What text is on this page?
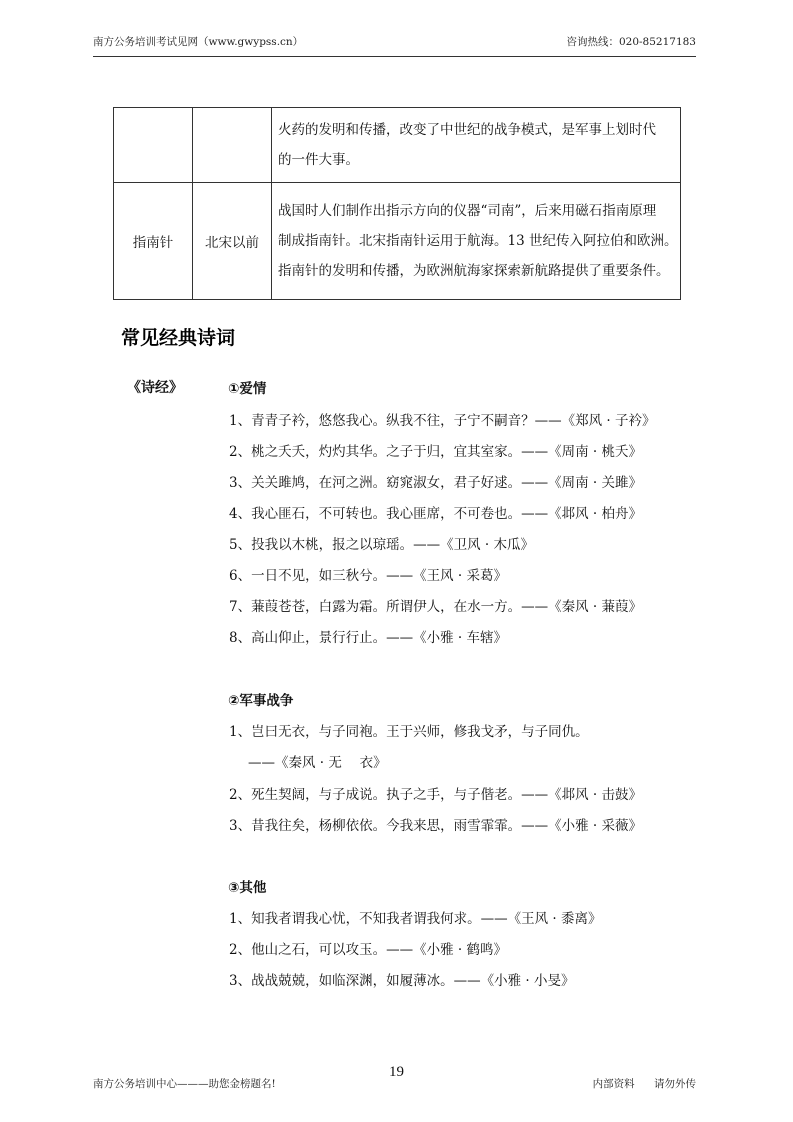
南方公务培训考试见网（www.gwypss.cn）	咨询热线：020-85217183

		火药的发明和传播，改变了中世纪的战争模式，是军事上划时代
的一件大事。

指南针	北宋以前	战国时人们制作出指示方向的仪器“司南”，后来用磁石指南原理
制成指南针。北宋指南针运用于航海。13 世纪传入阿拉伯和欧洲。
指南针的发明和传播，为欧洲航海家探索新航路提供了重要条件。
常见经典诗词
《诗经》	①爱情
1、青青子衿，悠悠我心。纵我不往，子宁不嗣音？——《郑风 · 子衿》
2、桃之夭夭，灼灼其华。之子于归，宜其室家。——《周南 · 桃夭》
3、关关雎鸠，在河之洲。窈窕淑女，君子好逑。——《周南 · 关雎》
4、我心匪石，不可转也。我心匪席，不可卷也。——《邶风 · 柏舟》
5、投我以木桃，报之以琼瑶。——《卫风 · 木瓜》
6、一日不见，如三秋兮。——《王风 · 采葛》
7、蒹葭苍苍，白露为霜。所谓伊人，在水一方。——《秦风 · 蒹葭》
8、高山仰止，景行行止。——《小雅 · 车辖》
②军事战争
1、岂曰无衣，与子同袍。王于兴师，修我戈矛，与子同仇。
——《秦风 · 无　 衣》
2、死生契阔，与子成说。执子之手，与子偕老。——《邶风 · 击鼓》
3、昔我往矣，杨柳依依。今我来思，雨雪霏霏。——《小雅 · 采薇》
③其他
1、知我者谓我心忧，不知我者谓我何求。——《王风 · 黍离》
2、他山之石，可以攻玉。——《小雅 · 鹤鸣》
3、战战兢兢，如临深渊，如履薄冰。——《小雅 · 小旻》
19
南方公务培训中心———助您金榜题名!	内部资料 请勿外传
